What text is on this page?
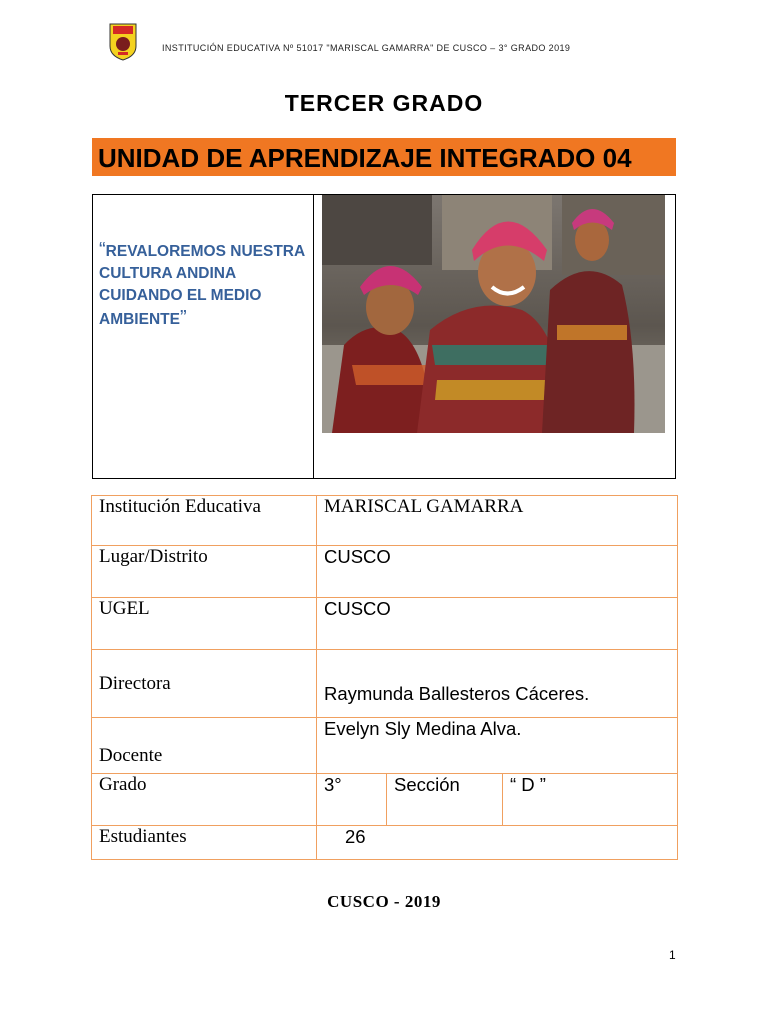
INSTITUCIÓN EDUCATIVA Nº 51017 "MARISCAL GAMARRA" DE CUSCO – 3° GRADO 2019
TERCER GRADO
UNIDAD DE APRENDIZAJE INTEGRADO 04
“REVALOREMOS NUESTRA CULTURA ANDINA CUIDANDO EL MEDIO AMBIENTE”
Institución Educativa	MARISCAL GAMARRA		
Lugar/Distrito	CUSCO		
UGEL	CUSCO		
Directora	Raymunda Ballesteros Cáceres.		
Docente	Evelyn Sly Medina Alva.		
Grado	3°	Sección	“ D ”
Estudiantes	26		
CUSCO - 2019
1
